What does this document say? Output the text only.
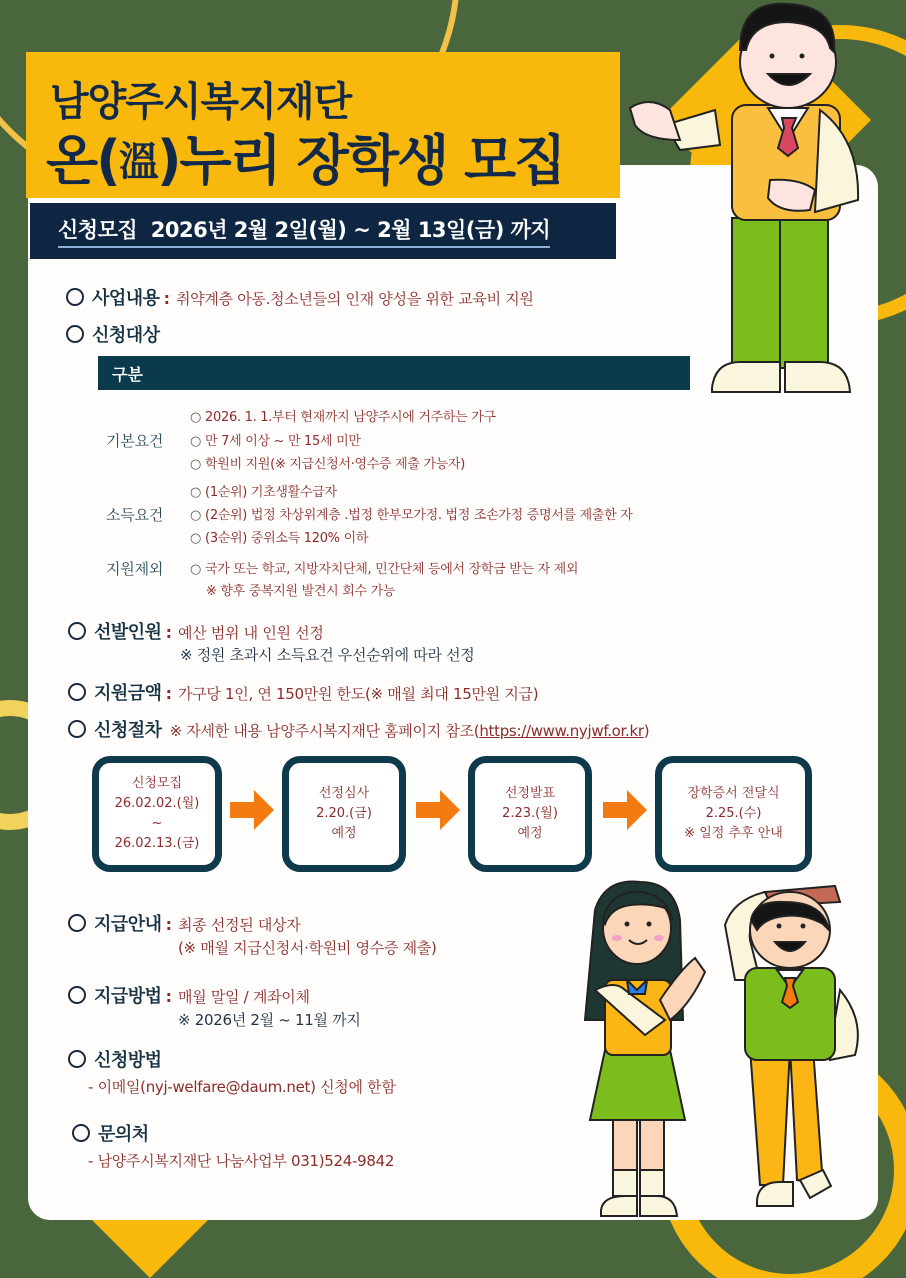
남양주시복지재단
온(溫)누리 장학생 모집
신청모집  2026년 2월 2일(월) ~ 2월 13일(금) 까지
사업내용 : 취약계층 아동.청소년들의 인재 양성을 위한 교육비 지원
신청대상
구분
기본요건
○ 2026. 1. 1.부터 현재까지 남양주시에 거주하는 가구
○ 만 7세 이상 ~ 만 15세 미만
○ 학원비 지원(※ 지급신청서·영수증 제출 가능자)
소득요건
○ (1순위) 기초생활수급자
○ (2순위) 법정 차상위계층 .법정 한부모가정. 법정 조손가정 증명서를 제출한 자
○ (3순위) 중위소득 120% 이하
지원제외 ○ 국가 또는 학교, 지방자치단체, 민간단체 등에서 장학금 받는 자 제외
※ 향후 중복지원 발견시 회수 가능
선발인원 : 예산 범위 내 인원 선정
※ 정원 초과시 소득요건 우선순위에 따라 선정
지원금액 : 가구당 1인, 연 150만원 한도(※ 매월 최대 15만원 지급)
신청절차 ※ 자세한 내용 남양주시복지재단 홈페이지 참조( https://www.nyjwf.or.kr )
신청모집
26.02.02.(월)
~
26.02.13.(금)
선정심사
2.20.(금)
예정
선정발표
2.23.(월)
예정
장학증서 전달식
2.25.(수)
※ 일정 추후 안내
지급안내 : 최종 선정된 대상자
(※ 매월 지급신청서·학원비 영수증 제출)
지급방법 : 매월 말일 / 계좌이체
※ 2026년 2월 ~ 11월 까지
신청방법
- 이메일(nyj-welfare@daum.net) 신청에 한함
문의처
- 남양주시복지재단 나눔사업부 031)524-9842
